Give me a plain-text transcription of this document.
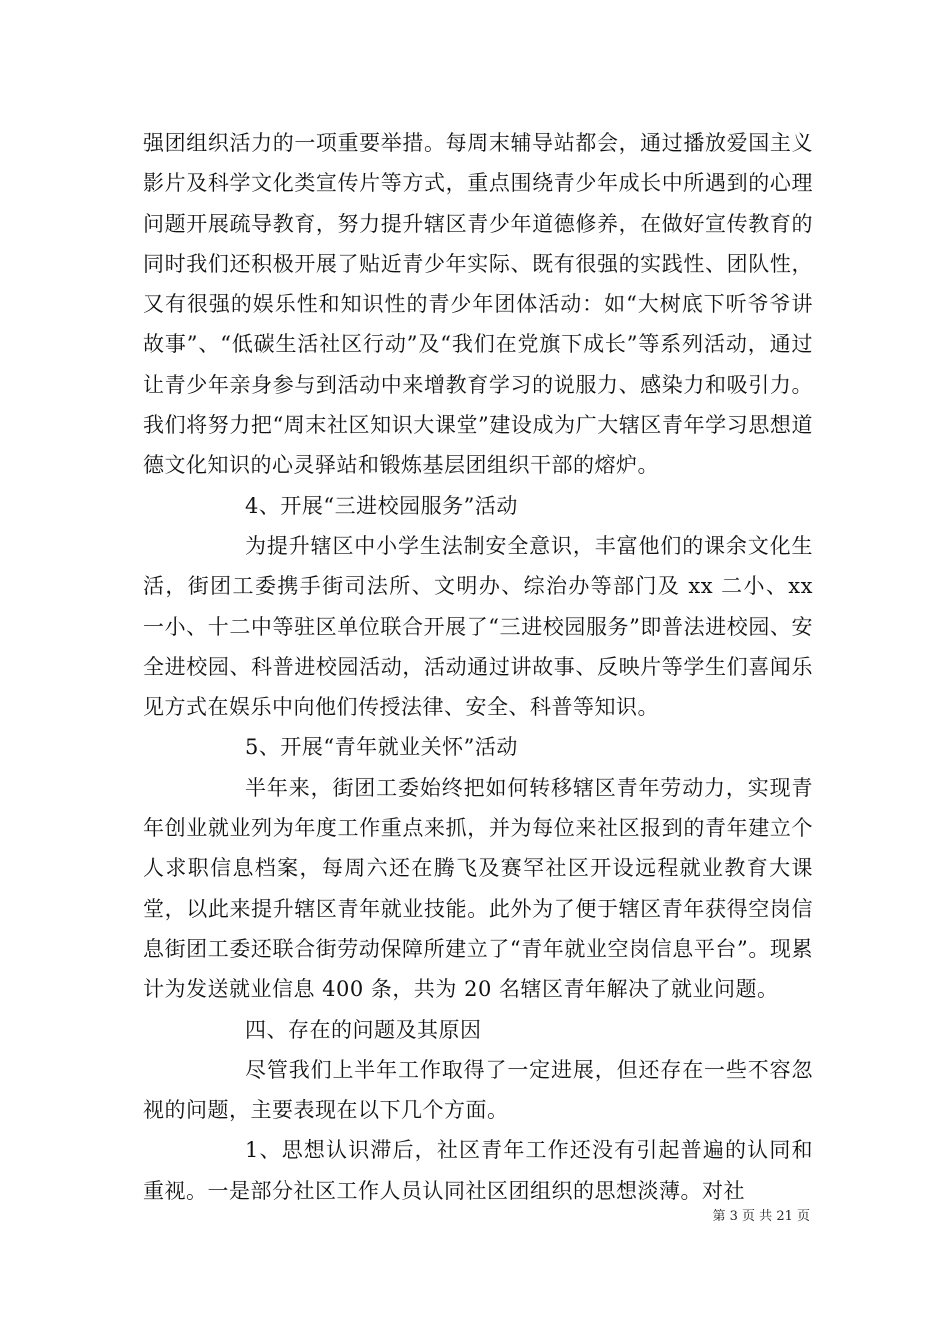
强团组织活力的一项重要举措。每周末辅导站都会，通过播放爱国主义影片及科学文化类宣传片等方式，重点围绕青少年成长中所遇到的心理问题开展疏导教育，努力提升辖区青少年道德修养，在做好宣传教育的同时我们还积极开展了贴近青少年实际、既有很强的实践性、团队性，又有很强的娱乐性和知识性的青少年团体活动：如“大树底下听爷爷讲故事”、“低碳生活社区行动”及“我们在党旗下成长”等系列活动，通过让青少年亲身参与到活动中来增教育学习的说服力、感染力和吸引力。我们将努力把“周末社区知识大课堂”建设成为广大辖区青年学习思想道德文化知识的心灵驿站和锻炼基层团组织干部的熔炉。

4、开展“三进校园服务”活动

为提升辖区中小学生法制安全意识，丰富他们的课余文化生活，街团工委携手街司法所、文明办、综治办等部门及 xx 二小、xx 一小、十二中等驻区单位联合开展了“三进校园服务”即普法进校园、安全进校园、科普进校园活动，活动通过讲故事、反映片等学生们喜闻乐见方式在娱乐中向他们传授法律、安全、科普等知识。

5、开展“青年就业关怀”活动

半年来，街团工委始终把如何转移辖区青年劳动力，实现青年创业就业列为年度工作重点来抓，并为每位来社区报到的青年建立个人求职信息档案，每周六还在腾飞及赛罕社区开设远程就业教育大课堂，以此来提升辖区青年就业技能。此外为了便于辖区青年获得空岗信息街团工委还联合街劳动保障所建立了“青年就业空岗信息平台”。现累计为发送就业信息 400 条，共为 20 名辖区青年解决了就业问题。

四、存在的问题及其原因

尽管我们上半年工作取得了一定进展，但还存在一些不容忽视的问题，主要表现在以下几个方面。

1、思想认识滞后，社区青年工作还没有引起普遍的认同和重视。一是部分社区工作人员认同社区团组织的思想淡薄。对社

第 3 页 共 21 页
